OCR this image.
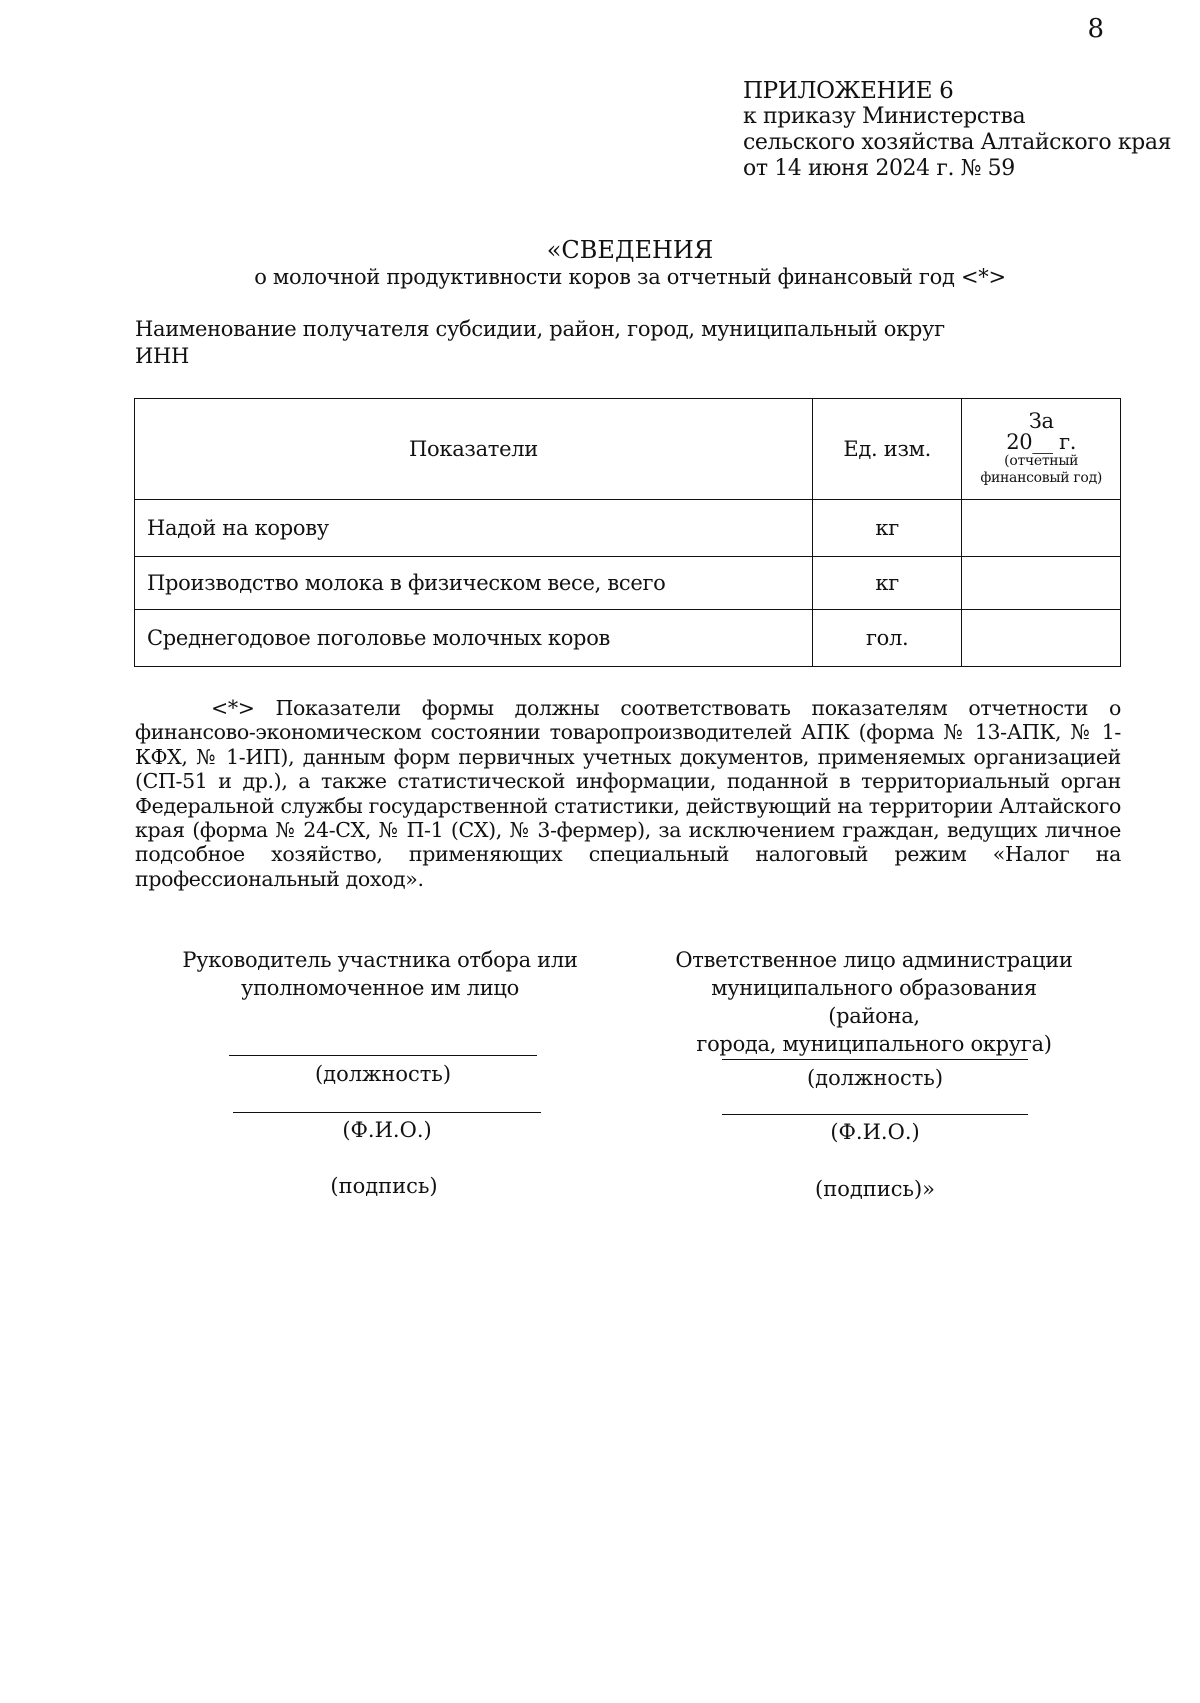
8
ПРИЛОЖЕНИЕ 6
к приказу Министерства
сельского хозяйства Алтайского края
от 14 июня 2024 г. № 59
«СВЕДЕНИЯ
о молочной продуктивности коров за отчетный финансовый год <*>
Наименование получателя субсидии, район, город, муниципальный округ
ИНН
Показатели	Ед. изм.	За
20__ г.
(отчетный
финансовый год)

Надой на корову	кг	
Производство молока в физическом весе, всего	кг	
Среднегодовое поголовье молочных коров	гол.	

<*> Показатели формы должны соответствовать показателям отчетности о финансово-экономическом состоянии товаропроизводителей АПК (форма № 13-АПК, № 1-КФХ, № 1-ИП), данным форм первичных учетных документов, применяемых организацией (СП-51 и др.), а также статистической информации, поданной в территориальный орган Федеральной службы государственной статистики, действующий на территории Алтайского края (форма № 24-СХ, № П-1 (СХ), № 3-фермер), за исключением граждан, ведущих личное подсобное хозяйство, применяющих специальный налоговый режим «Налог на профессиональный доход».

Руководитель участника отбора или
уполномоченное им лицо
(должность)
(Ф.И.О.)
(подпись)
Ответственное лицо администрации
муниципального образования (района,
города, муниципального округа)
(должность)
(Ф.И.О.)
(подпись)»
